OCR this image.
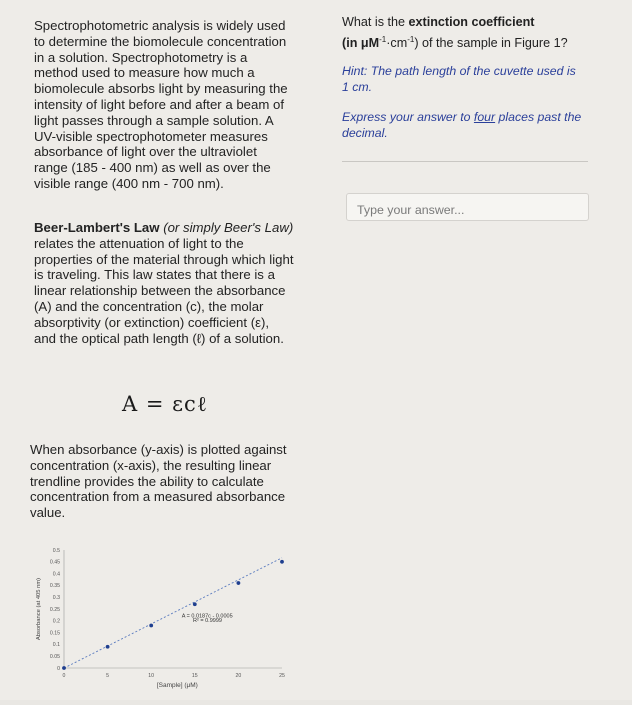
Spectrophotometric analysis is widely used to determine the biomolecule concentration in a solution. Spectrophotometry is a method used to measure how much a biomolecule absorbs light by measuring the intensity of light before and after a beam of light passes through a sample solution. A UV-visible spectrophotometer measures absorbance of light over the ultraviolet range (185 - 400 nm) as well as over the visible range (400 nm - 700 nm).

Beer-Lambert's Law (or simply Beer's Law) relates the attenuation of light to the properties of the material through which light is traveling. This law states that there is a linear relationship between the absorbance (A) and the concentration (c), the molar absorptivity (or extinction) coefficient (ε), and the optical path length (ℓ) of a solution.

A = εcℓ

When absorbance (y-axis) is plotted against concentration (x-axis), the resulting linear trendline provides the ability to calculate concentration from a measured absorbance value.

0
0.05
0.1
0.15
0.2
0.25
0.3
0.35
0.4
0.45
0.5
0	5	10	15	20	25
A = 0.0187c - 0.0005
R² = 0.9999
[Sample] (μM)
Absorbance (at 405 nm)
What is the extinction coefficient
(in $\mu M^{-1}\cdot cm^{-1}$) of the sample in Figure 1?
Hint: The path length of the cuvette used is 1 cm.
Express your answer to four places past the decimal.
Type your answer...
